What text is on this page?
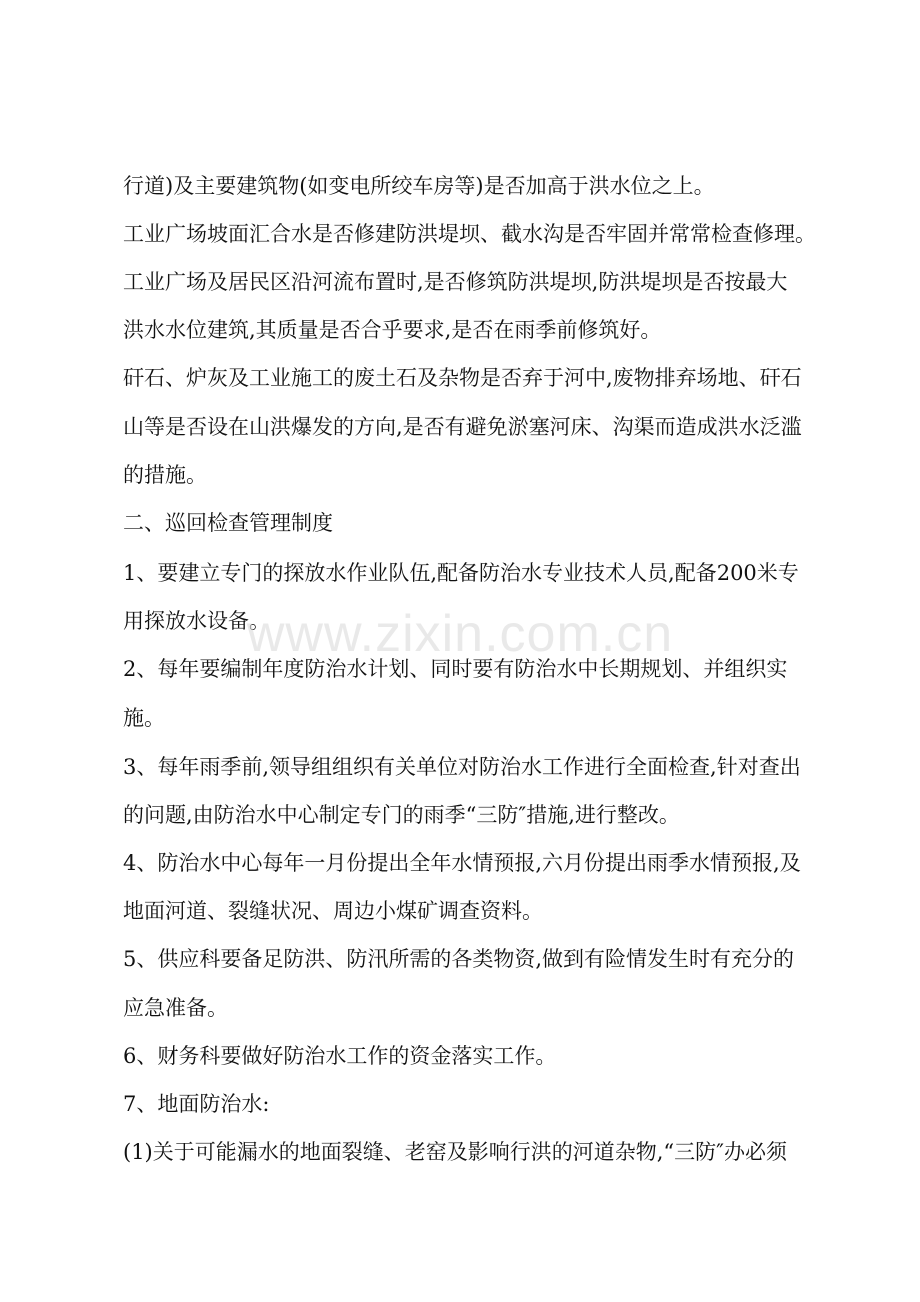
行道)及主要建筑物(如变电所绞车房等)是否加高于洪水位之上。
工业广场坡面汇合水是否修建防洪堤坝、截水沟是否牢固并常常检查修理。
工业广场及居民区沿河流布置时,是否修筑防洪堤坝,防洪堤坝是否按最大
洪水水位建筑,其质量是否合乎要求,是否在雨季前修筑好。
矸石、炉灰及工业施工的废土石及杂物是否弃于河中,废物排弃场地、矸石
山等是否设在山洪爆发的方向,是否有避免淤塞河床、沟渠而造成洪水泛滥
的措施。
二、巡回检查管理制度
1、要建立专门的探放水作业队伍,配备防治水专业技术人员,配备200米专
用探放水设备。
2、每年要编制年度防治水计划、同时要有防治水中长期规划、并组织实
施。
3、每年雨季前,领导组组织有关单位对防治水工作进行全面检查,针对查出
的问题,由防治水中心制定专门的雨季“三防″措施,进行整改。
4、防治水中心每年一月份提出全年水情预报,六月份提出雨季水情预报,及
地面河道、裂缝状况、周边小煤矿调查资料。
5、供应科要备足防洪、防汛所需的各类物资,做到有险情发生时有充分的
应急准备。
6、财务科要做好防治水工作的资金落实工作。
7、地面防治水:
(1)关于可能漏水的地面裂缝、老窑及影响行洪的河道杂物,“三防″办必须
www.zixin.com.cn
